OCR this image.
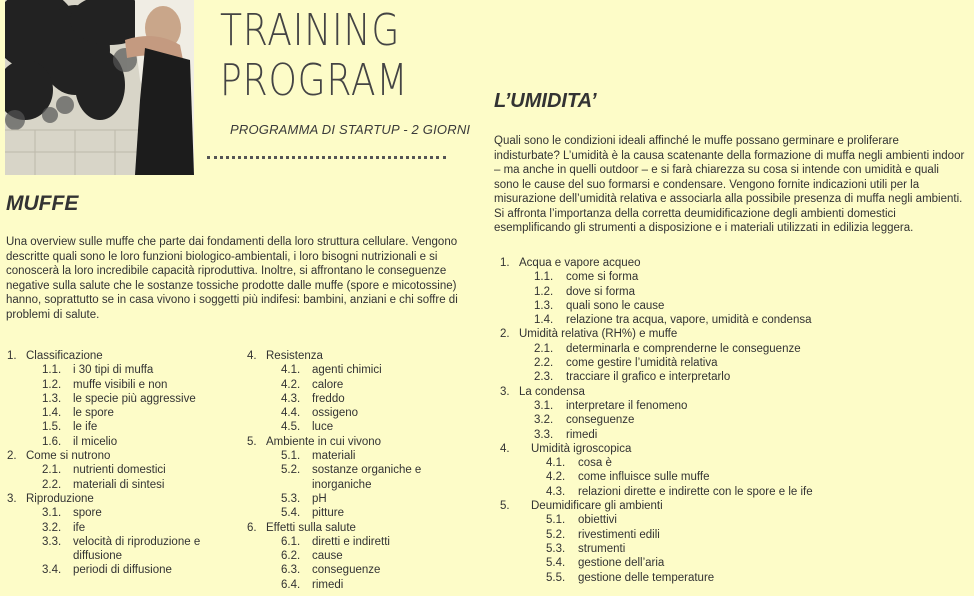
TRAINING
PROGRAM
PROGRAMMA DI STARTUP - 2 GIORNI
MUFFE

Una overview sulle muffe che parte dai fondamenti della loro struttura cellulare. Vengono descritte quali sono le loro funzioni biologico-ambientali, i loro bisogni nutrizionali e si conoscerà la loro incredibile capacità riproduttiva. Inoltre, si affrontano le conseguenze negative sulla salute che le sostanze tossiche prodotte dalle muffe (spore e micotossine) hanno, soprattutto se in casa vivono i soggetti più indifesi: bambini, anziani e chi soffre di problemi di salute.

1. Classificazione
1.1. i 30 tipi di muffa
1.2. muffe visibili e non
1.3. le specie più aggressive
1.4. le spore
1.5. le ife
1.6. il micelio
2. Come si nutrono
2.1. nutrienti domestici
2.2. materiali di sintesi
3. Riproduzione
3.1. spore
3.2. ife
3.3. velocità di riproduzione e diffusione
3.4. periodi di diffusione
4. Resistenza
4.1. agenti chimici
4.2. calore
4.3. freddo
4.4. ossigeno
4.5. luce
5. Ambiente in cui vivono
5.1. materiali
5.2. sostanze organiche e inorganiche
5.3. pH
5.4. pitture
6. Effetti sulla salute
6.1. diretti e indiretti
6.2. cause
6.3. conseguenze
6.4. rimedi
L’UMIDITA’

Quali sono le condizioni ideali affinché le muffe possano germinare e proliferare indisturbate? L’umidità è la causa scatenante della formazione di muffa negli ambienti indoor – ma anche in quelli outdoor – e si farà chiarezza su cosa si intende con umidità e quali sono le cause del suo formarsi e condensare. Vengono fornite indicazioni utili per la misurazione dell’umidità relativa e associarla alla possibile presenza di muffa negli ambienti. Si affronta l’importanza della corretta deumidificazione degli ambienti domestici esemplificando gli strumenti a disposizione e i materiali utilizzati in edilizia leggera.

1. Acqua e vapore acqueo
1.1. come si forma
1.2. dove si forma
1.3. quali sono le cause
1.4. relazione tra acqua, vapore, umidità e condensa
2. Umidità relativa (RH%) e muffe
2.1. determinarla e comprenderne le conseguenze
2.2. come gestire l’umidità relativa
2.3. tracciare il grafico e interpretarlo
3. La condensa
3.1. interpretare il fenomeno
3.2. conseguenze
3.3. rimedi
4. Umidità igroscopica
4.1. cosa è
4.2. come influisce sulle muffe
4.3. relazioni dirette e indirette con le spore e le ife
5. Deumidificare gli ambienti
5.1. obiettivi
5.2. rivestimenti edili
5.3. strumenti
5.4. gestione dell’aria
5.5. gestione delle temperature
